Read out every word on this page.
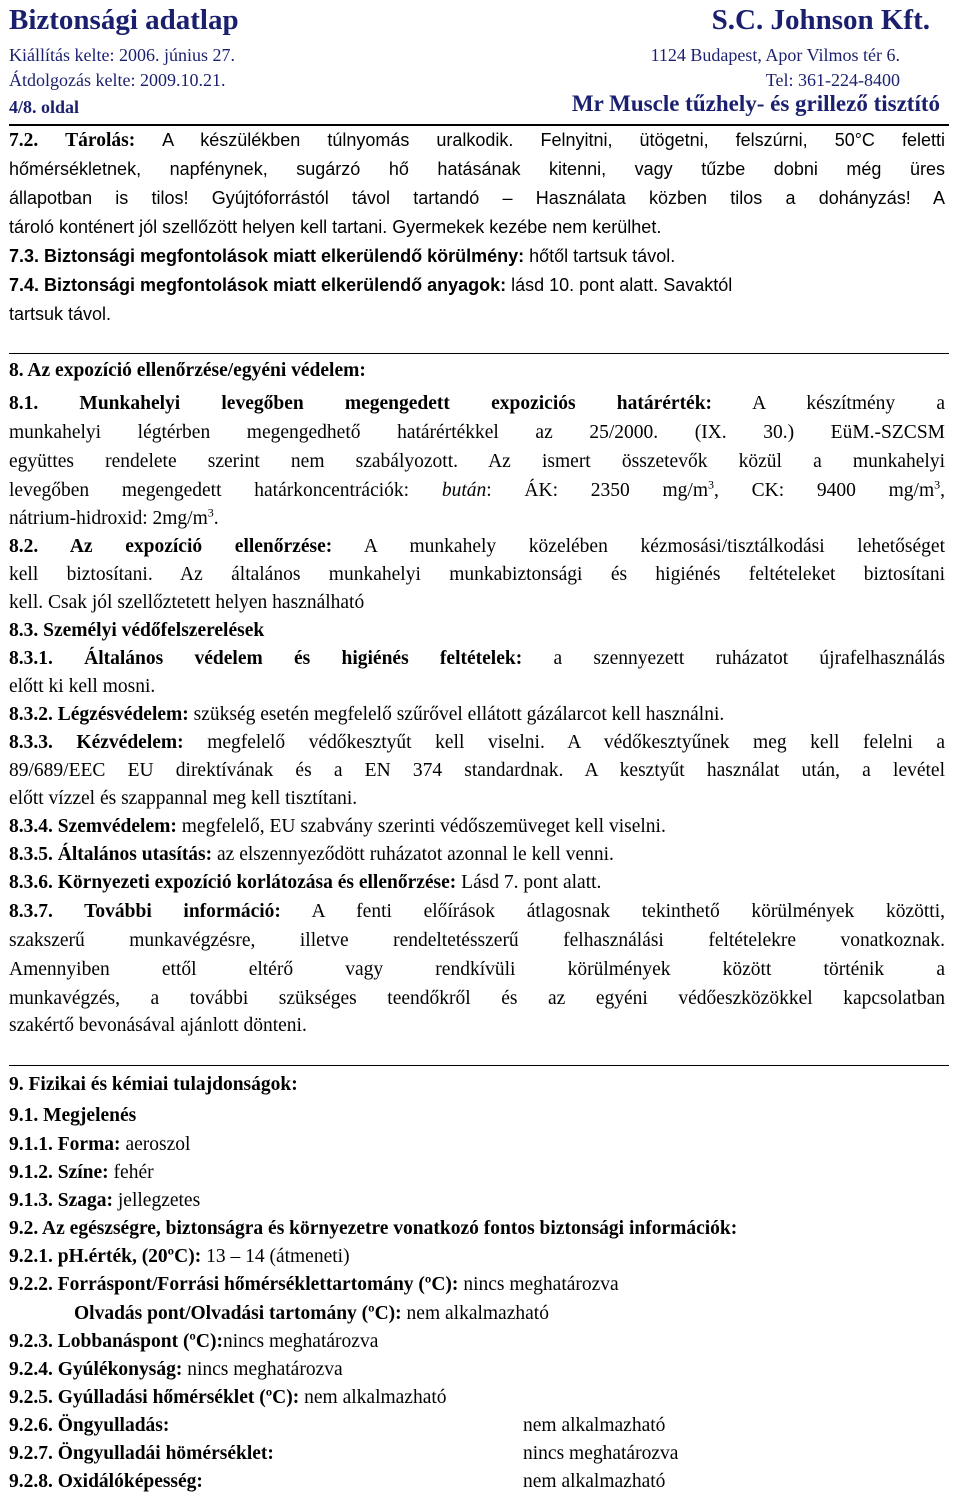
Biztonsági adatlap	S.C. Johnson Kft.
Kiállítás kelte: 2006. június 27.	1124 Budapest, Apor Vilmos tér 6.
Átdolgozás kelte: 2009.10.21.	Tel: 361-224-8400
4/8. oldal	Mr Muscle tűzhely- és grillező tisztító
7.2. Tárolás: A készülékben túlnyomás uralkodik. Felnyitni, ütögetni, felszúrni, 50°C feletti
hőmérsékletnek, napfénynek, sugárzó hő hatásának kitenni, vagy tűzbe dobni még üres
állapotban is tilos! Gyújtóforrástól távol tartandó – Használata közben tilos a dohányzás! A
tároló konténert jól szellőzött helyen kell tartani. Gyermekek kezébe nem kerülhet.
7.3. Biztonsági megfontolások miatt elkerülendő körülmény: hőtől tartsuk távol.
7.4. Biztonsági megfontolások miatt elkerülendő anyagok: lásd 10. pont alatt. Savaktól
tartsuk távol.
8. Az expozíció ellenőrzése/egyéni védelem:
8.1. Munkahelyi levegőben megengedett expoziciós határérték: A készítmény a
munkahelyi légtérben megengedhető határértékkel az 25/2000. (IX. 30.) EüM.-SZCSM
együttes rendelete szerint nem szabályozott. Az ismert összetevők közül a munkahelyi
levegőben megengedett határkoncentrációk: bután: ÁK: 2350 $mg/m^3$, CK: 9400 $mg/m^3$,
nátrium-hidroxid: $2mg/m^3$.
8.2. Az expozíció ellenőrzése: A munkahely közelében kézmosási/tisztálkodási lehetőséget
kell biztosítani. Az általános munkahelyi munkabiztonsági és higiénés feltételeket biztosítani
kell. Csak jól szellőztetett helyen használható
8.3. Személyi védőfelszerelések
8.3.1. Általános védelem és higiénés feltételek: a szennyezett ruházatot újrafelhasználás
előtt ki kell mosni.
8.3.2. Légzésvédelem: szükség esetén megfelelő szűrővel ellátott gázálarcot kell használni.
8.3.3. Kézvédelem: megfelelő védőkesztyűt kell viselni. A védőkesztyűnek meg kell felelni a
89/689/EEC EU direktívának és a EN 374 standardnak. A kesztyűt használat után, a levétel
előtt vízzel és szappannal meg kell tisztítani.
8.3.4. Szemvédelem: megfelelő, EU szabvány szerinti védőszemüveget kell viselni.
8.3.5. Általános utasítás: az elszennyeződött ruházatot azonnal le kell venni.
8.3.6. Környezeti expozíció korlátozása és ellenőrzése: Lásd 7. pont alatt.
8.3.7. További információ: A fenti előírások átlagosnak tekinthető körülmények közötti,
szakszerű munkavégzésre, illetve rendeltetésszerű felhasználási feltételekre vonatkoznak.
Amennyiben ettől eltérő vagy rendkívüli körülmények között történik a
munkavégzés, a további szükséges teendőkről és az egyéni védőeszközökkel kapcsolatban
szakértő bevonásával ajánlott dönteni.
9. Fizikai és kémiai tulajdonságok:
9.1. Megjelenés
9.1.1. Forma: aeroszol
9.1.2. Színe: fehér
9.1.3. Szaga: jellegzetes
9.2. Az egészségre, biztonságra és környezetre vonatkozó fontos biztonsági információk:
9.2.1. pH.érték, (20ºC): 13 – 14 (átmeneti)
9.2.2. Forráspont/Forrási hőmérséklettartomány (ºC): nincs meghatározva
Olvadás pont/Olvadási tartomány (ºC): nem alkalmazható
9.2.3. Lobbanáspont (ºC):nincs meghatározva
9.2.4. Gyúlékonyság: nincs meghatározva
9.2.5. Gyúlladási hőmérséklet (ºC): nem alkalmazható
9.2.6. Öngyulladás:	nem alkalmazható
9.2.7. Öngyulladái hömérséklet:	nincs meghatározva
9.2.8. Oxidálóképesség:	nem alkalmazható
